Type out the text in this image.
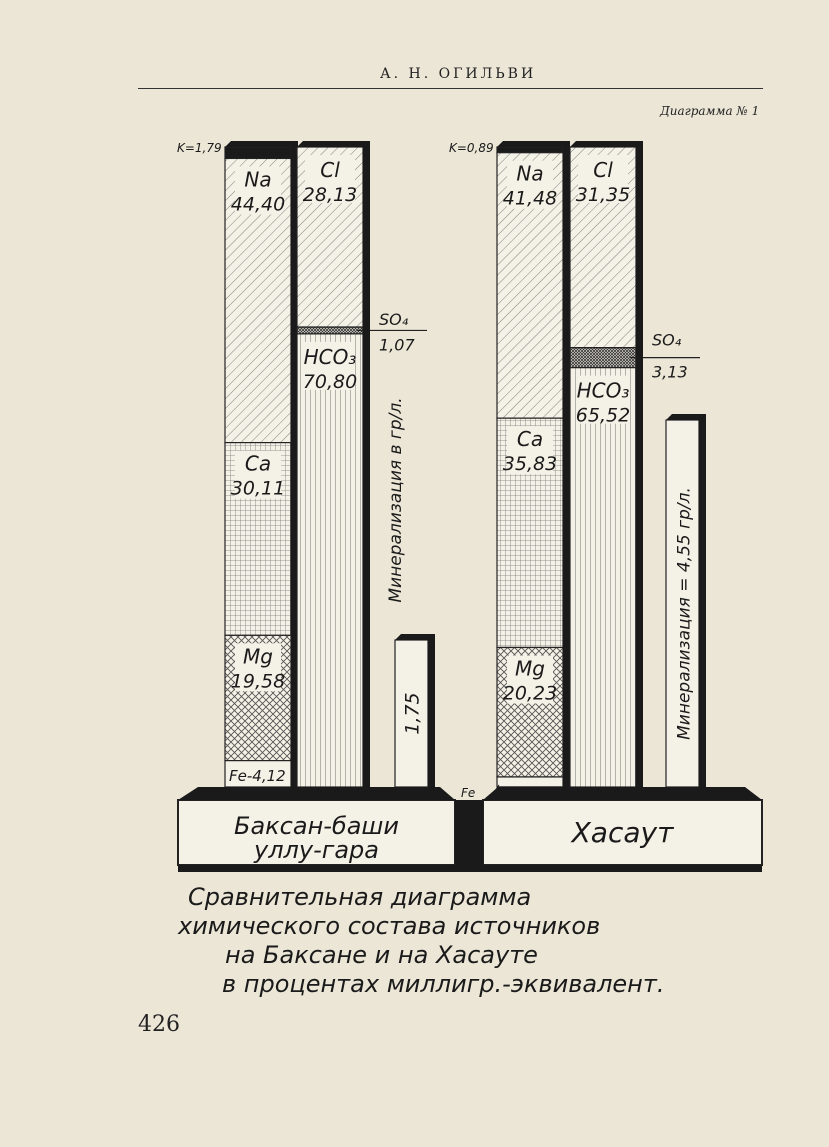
А. Н. ОГИЛЬВИ
Диаграмма № 1
426
K=1,79
Na
44,40
Ca
30,11
Mg
19,58
Fe-4,12
Cl
28,13
SO₄
1,07
HCO₃
70,80
1,75
Минерализация в гр/л.
K=0,89
Na
41,48
Ca
35,83
Mg
20,23
Fe
Cl
31,35
SO₄
3,13
HCO₃
65,52
Минерализация = 4,55 гр/л.
Баксан-баши
уллу-гара
Хасаут
Сравнительная диаграмма
химического состава источников
на Баксане и на Хасауте
в процентах миллигр.-эквивалент.
